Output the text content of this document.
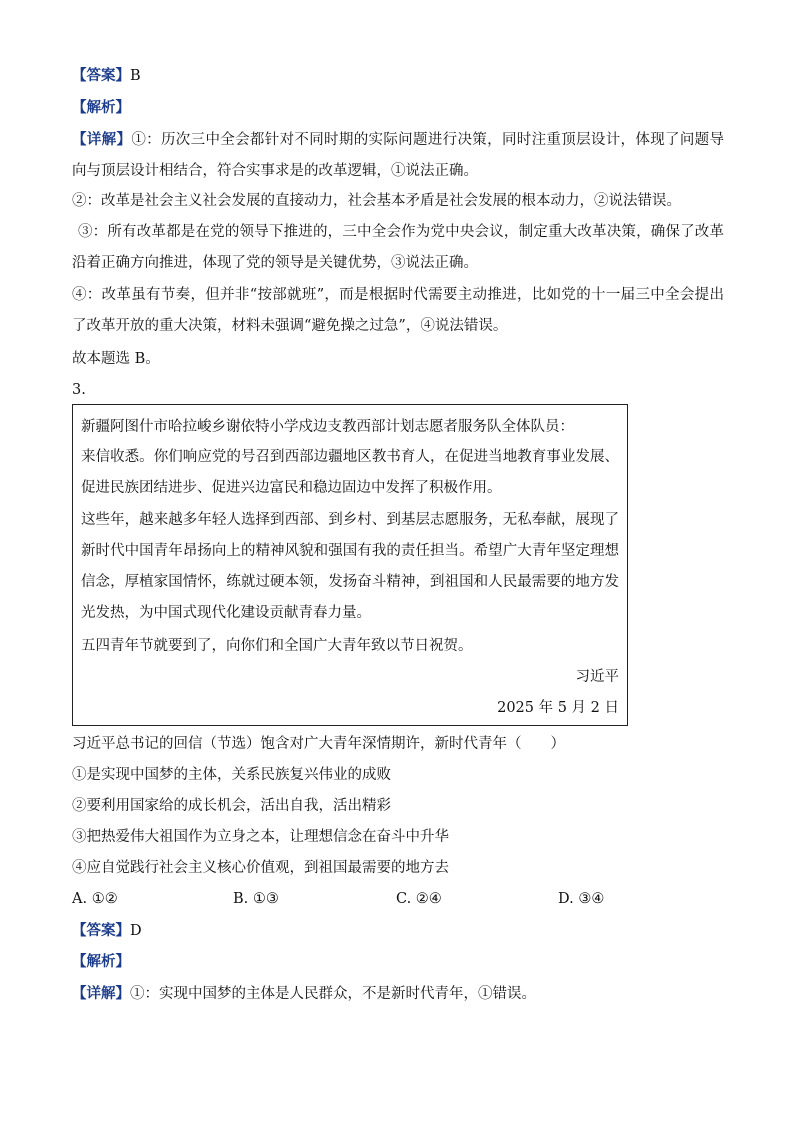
【答案】B
【解析】
【详解】①：历次三中全会都针对不同时期的实际问题进行决策，同时注重顶层设计，体现了问题导向与顶层设计相结合，符合实事求是的改革逻辑，①说法正确。
②：改革是社会主义社会发展的直接动力，社会基本矛盾是社会发展的根本动力，②说法错误。
③：所有改革都是在党的领导下推进的，三中全会作为党中央会议，制定重大改革决策，确保了改革沿着正确方向推进，体现了党的领导是关键优势，③说法正确。
④：改革虽有节奏，但并非“按部就班”，而是根据时代需要主动推进，比如党的十一届三中全会提出了改革开放的重大决策，材料未强调“避免操之过急”，④说法错误。
故本题选 B。
3.
新疆阿图什市哈拉峻乡谢依特小学戍边支教西部计划志愿者服务队全体队员：
来信收悉。你们响应党的号召到西部边疆地区教书育人，在促进当地教育事业发展、促进民族团结进步、促进兴边富民和稳边固边中发挥了积极作用。
这些年，越来越多年轻人选择到西部、到乡村、到基层志愿服务，无私奉献，展现了新时代中国青年昂扬向上的精神风貌和强国有我的责任担当。希望广大青年坚定理想信念，厚植家国情怀，练就过硬本领，发扬奋斗精神，到祖国和人民最需要的地方发光发热，为中国式现代化建设贡献青春力量。
五四青年节就要到了，向你们和全国广大青年致以节日祝贺。
习近平
2025 年 5 月 2 日
习近平总书记的回信（节选）饱含对广大青年深情期许，新时代青年（　　）
①是实现中国梦的主体，关系民族复兴伟业的成败
②要利用国家给的成长机会，活出自我，活出精彩
③把热爱伟大祖国作为立身之本，让理想信念在奋斗中升华
④应自觉践行社会主义核心价值观，到祖国最需要的地方去
A. ①②	B. ①③	C. ②④	D. ③④
【答案】D
【解析】
【详解】①：实现中国梦的主体是人民群众，不是新时代青年，①错误。
